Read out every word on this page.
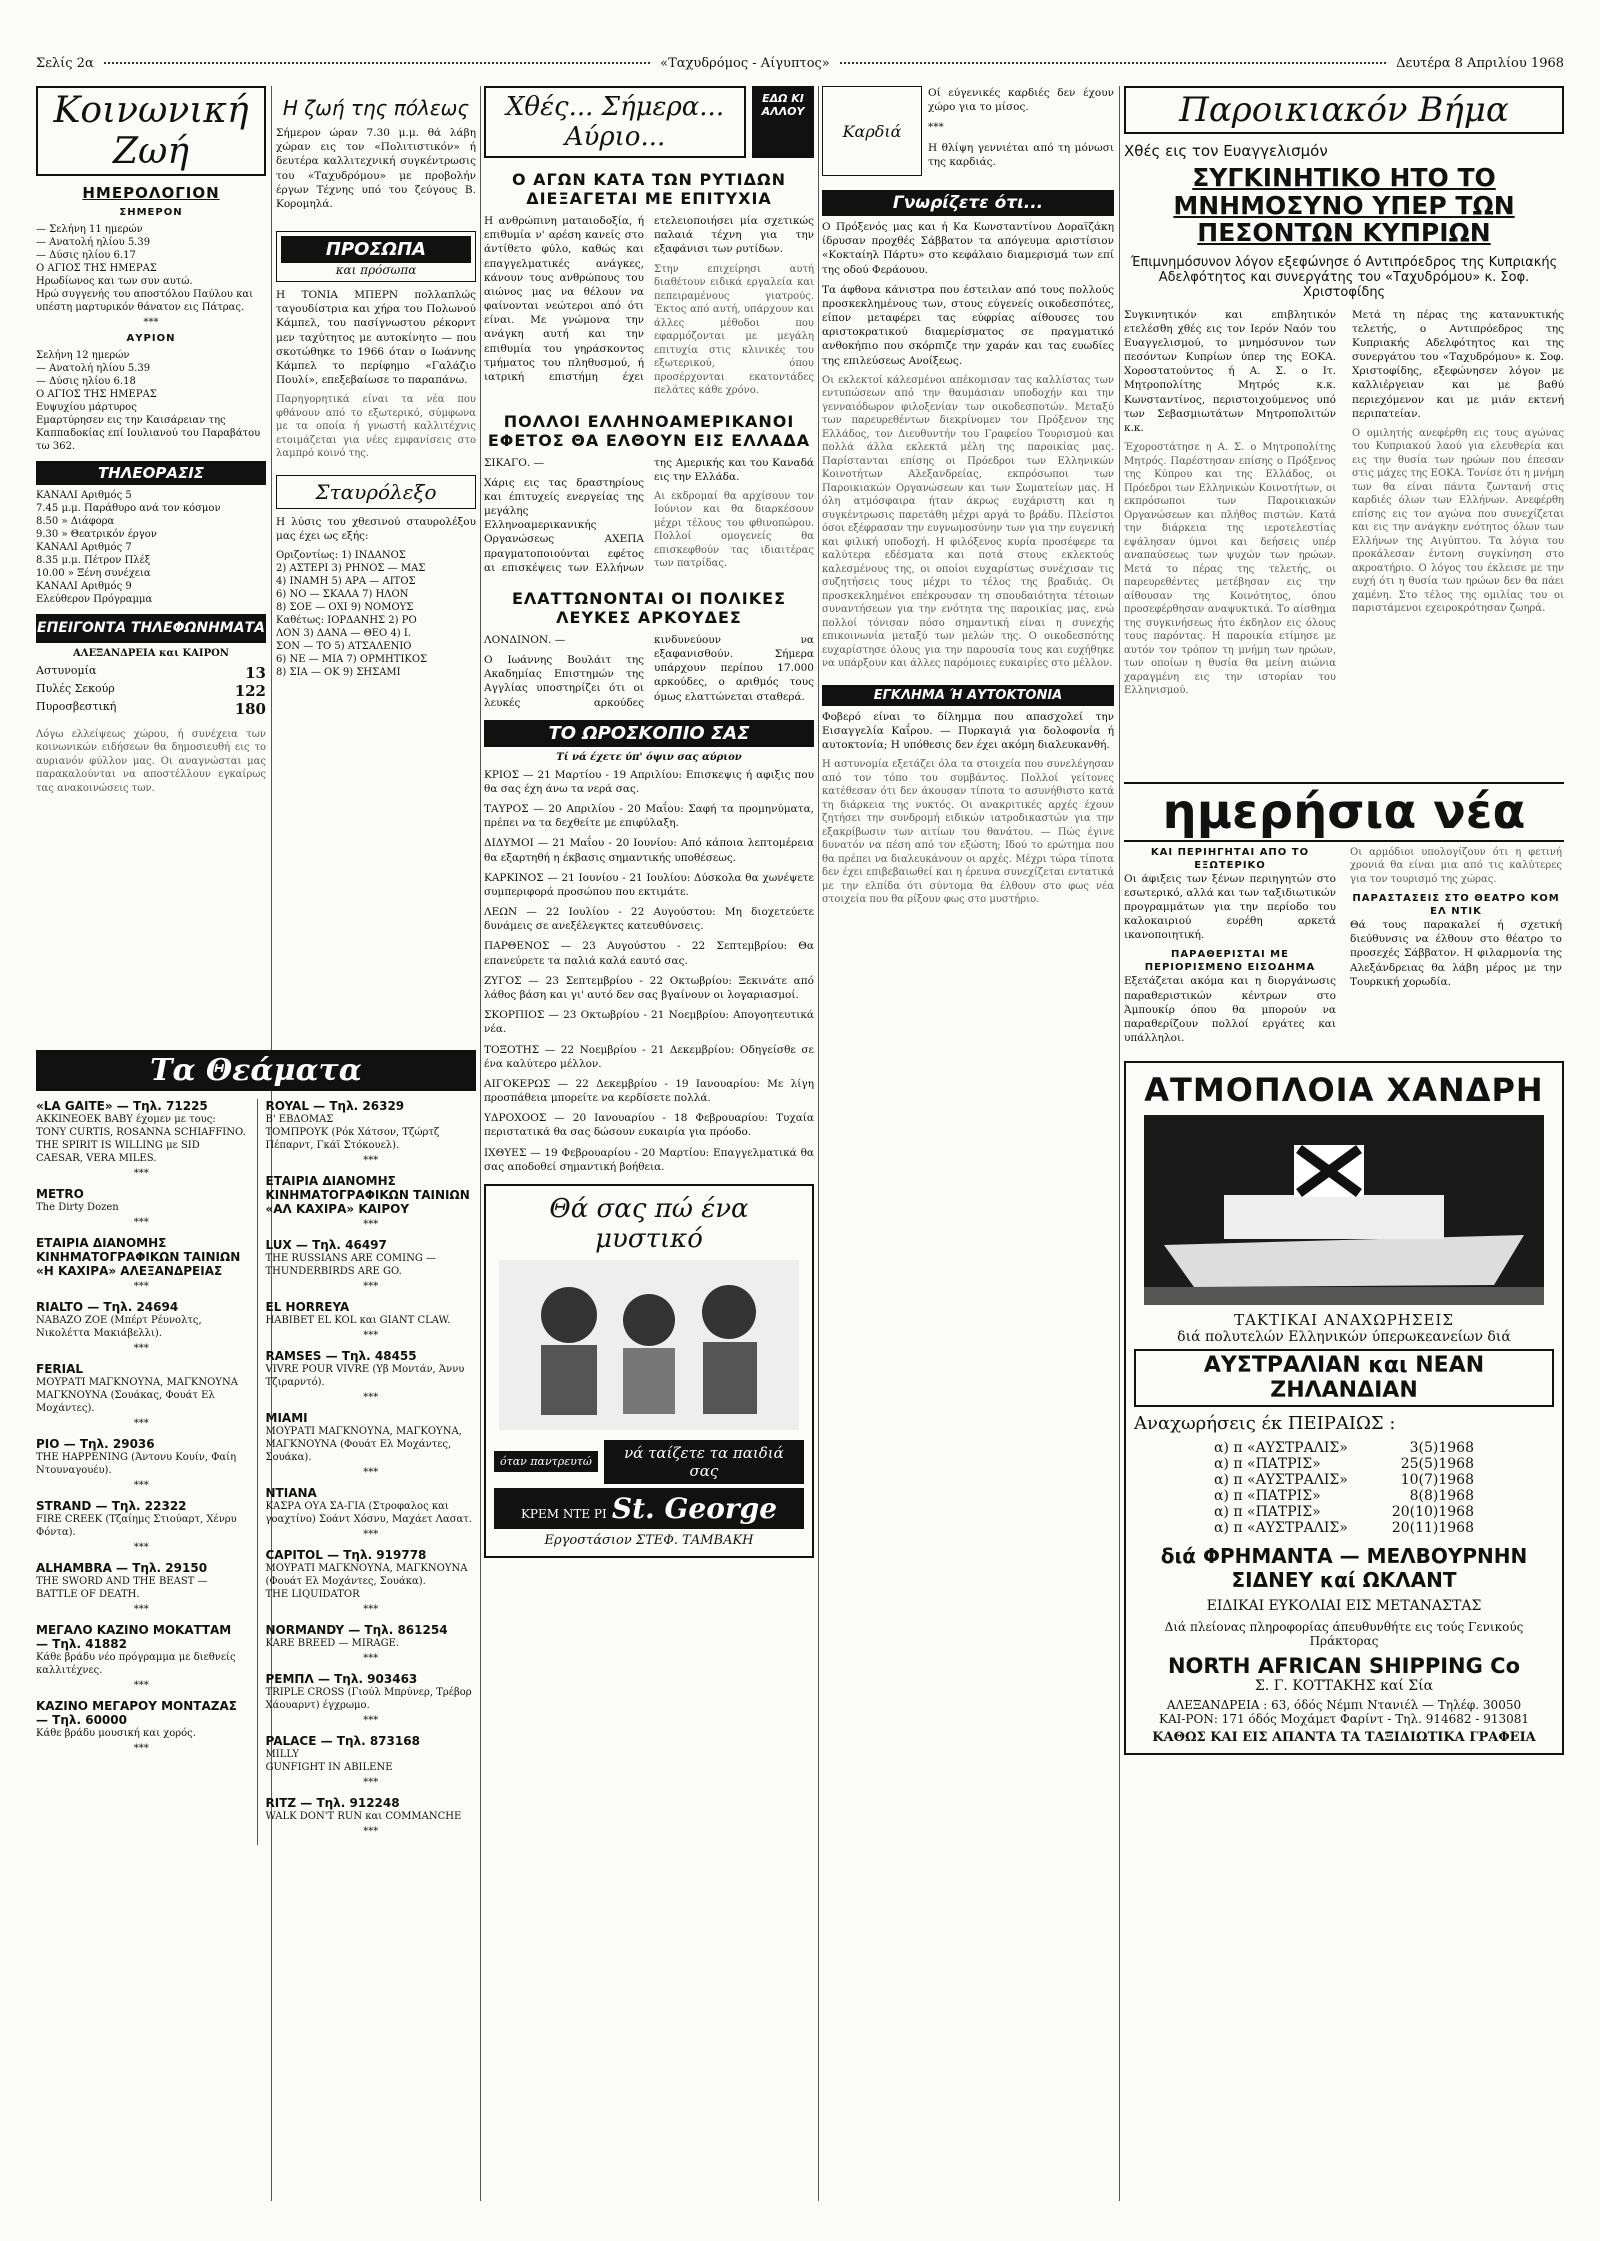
Σελίς 2α	«Ταχυδρόμος - Αίγυπτος»	Δευτέρα 8 Απριλίου 1968
Κοινωνική Ζωή
ΗΜΕΡΟΛΟΓΙΟΝ
ΣΗΜΕΡΟΝ
— Σελήνη 11 ημερών
— Ανατολή ηλίου 5.39
— Δύσις ηλίου 6.17
Ο ΑΓΙΟΣ ΤΗΣ ΗΜΕΡΑΣ
Ηρωδίωνος και των συν αυτώ.
Ηρώ συγγενής του αποστόλου Παύλου και υπέστη μαρτυρικόν θάνατον εις Πάτρας.
***
ΑΥΡΙΟΝ
Σελήνη 12 ημερών
— Ανατολή ηλίου 5.39
— Δύσις ηλίου 6.18
Ο ΑΓΙΟΣ ΤΗΣ ΗΜΕΡΑΣ
Ευψυχίου μάρτυρος
Εμαρτύρησεν εις την Καισάρειαν της Καππαδοκίας επί Ιουλιανού του Παραβάτου τω 362.
ΤΗΛΕΟΡΑΣΙΣ
ΚΑΝΑΛΙ Αριθμός 5
7.45 μ.μ. Παράθυρο ανά τον κόσμον
8.50 » Διάφορα
9.30 » Θεατρικόν έργον
ΚΑΝΑΛΙ Αριθμός 7
8.35 μ.μ. Πέτρον Πλέξ
10.00 » Ξένη συνέχεια
ΚΑΝΑΛΙ Αριθμός 9
Ελεύθερον Πρόγραμμα
ΕΠΕΙΓΟΝΤΑ ΤΗΛΕΦΩΝΗΜΑΤΑ
ΑΛΕΞΑΝΔΡΕΙΑ και ΚΑΙΡΟΝ
Αστυνομία	13
Πυλές Σεκούρ	122
Πυροσβεστική	180
Λόγω ελλείψεως χώρου, ή συνέχεια των κοινωνικών ειδήσεων θα δημοσιευθή εις το αυριανόν φύλλον μας. Οι αναγνώσται μας παρακαλούνται να αποστέλλουν εγκαίρως τας ανακοινώσεις των.
Η ζωή της πόλεως

Σήμερον ώραν 7.30 μ.μ. θά λάβη χώραν εις τον «Πολιτιστικόν» ή δευτέρα καλλιτεχνική συγκέντρωσις του «Ταχυδρόμου» με προβολήν έργων Τέχνης υπό του ζεύγους Β. Κορομηλά.

ΠΡΟΣΩΠΑ
και πρόσωπα

Η ΤΟΝΙΑ ΜΠΕΡΝ πολλαπλώς ταγουδίστρια και χήρα του Πολωνού Κάμπελ, του πασίγνωστου ρέκορντ μεν ταχύτητος με αυτοκίνητο — που σκοτώθηκε το 1966 όταν ο Ιωάννης Κάμπελ το περίφημο «Γαλάζιο Πουλί», επεξεβαίωσε το παραπάνω.

Παρηγορητικά είναι τα νέα που φθάνουν από το εξωτερικό, σύμφωνα με τα οποία ή γνωστή καλλιτέχνις ετοιμάζεται για νέες εμφανίσεις στο λαμπρό κοινό της.
Σταυρόλεξο

Η λύσις του χθεσινού σταυρολέξου μας έχει ως εξής:

Οριζοντίως: 1) ΙΝΔΑΝΟΣ
2) ΑΣΤΕΡΙ 3) ΡΗΝΟΣ — ΜΑΣ
4) ΙΝΑΜΗ 5) ΑΡΑ — ΑΙΤΟΣ
6) ΝΟ — ΣΚΑΛΑ 7) ΗΛΟΝ
8) ΣΟΕ — ΟΧΙ 9) ΝΟΜΟΥΣ
Καθέτως: ΙΟΡΔΑΝΗΣ 2) ΡΟ
ΛΟΝ 3) ΔΑΝΑ — ΘΕΟ 4) Ι.
ΣΟΝ — ΤΟ 5) ΑΤΣΑΛΕΝΙΟ
6) ΝΕ — ΜΙΑ 7) ΟΡΜΗΤΙΚΟΣ
8) ΣΙΑ — ΟΚ 9) ΣΗΣΑΜΙ
Τα Θεάματα
«LA GAITE» — Τηλ. 71225
ΑΚΚΙΝΕΟΕΚ ΒΑΒΥ έχομεν με τους: TONY CURTIS, ROSANNA SCHIAFFINO.
THE SPIRIT IS WILLING με SID CAESAR, VERA MILES.
***
METRO
The Dirty Dozen
***
ΕΤΑΙΡΙΑ ΔΙΑΝΟΜΗΣ ΚΙΝΗΜΑΤΟΓΡΑΦΙΚΩΝ ΤΑΙΝΙΩΝ «Η ΚΑΧΙΡΑ» ΑΛΕΞΑΝΔΡΕΙΑΣ
***
RIALTO — Τηλ. 24694
ΝΑΒΑΖΟ ΖΟΕ (Μπέρτ Ρέυνολτς, Νικολέττα Μακιάβελλι).
***
FERIAL
ΜΟΥΡΑΤΙ ΜΑΓΚΝΟΥΝΑ, ΜΑΓΚΝΟΥΝΑ ΜΑΓΚΝΟΥΝΑ (Σουάκας, Φουάτ Ελ Μοχάντες).
***
ΡΙΟ — Τηλ. 29036
THE HAPPENING (Άντονυ Κουίν, Φαίη Ντουναγουέυ).
***
STRAND — Τηλ. 22322
FIRE CREEK (Τζαίημς Στιούαρτ, Χένρυ Φόντα).
***
ALHAMBRA — Τηλ. 29150
THE SWORD AND THE BEAST — BATTLE OF DEATH.
***
ΜΕΓΑΛΟ ΚΑΖΙΝΟ ΜΟΚΑΤΤΑΜ — Τηλ. 41882
Κάθε βράδυ νέο πρόγραμμα με διεθνείς καλλιτέχνες.
***
ΚΑΖΙΝΟ ΜΕΓΑΡΟΥ ΜΟΝΤΑΖΑΣ — Τηλ. 60000
Κάθε βράδυ μουσική και χορός.
***
ROYAL — Τηλ. 26329
Β' ΕΒΔΟΜΑΣ
ΤΟΜΠΡΟΥΚ (Ρόκ Χάτσον, Τζώρτζ Πέπαρντ, Γκάϊ Στόκουελ).
***
ΕΤΑΙΡΙΑ ΔΙΑΝΟΜΗΣ ΚΙΝΗΜΑΤΟΓΡΑΦΙΚΩΝ ΤΑΙΝΙΩΝ «ΑΛ ΚΑΧΙΡΑ» ΚΑΙΡΟΥ
***
LUX — Τηλ. 46497
THE RUSSIANS ARE COMING — THUNDERBIRDS ARE GO.
***
EL HORREYA
HABIBET EL KOL και GIANT CLAW.
***
RAMSES — Τηλ. 48455
VIVRE POUR VIVRE (Υβ Μοντάν, Άννυ Τζιραρντό).
***
MIAMI
ΜΟΥΡΑΤΙ ΜΑΓΚΝΟΥΝΑ, ΜΑΓΚΟΥΝΑ, ΜΑΓΚΝΟΥΝΑ (Φουάτ Ελ Μοχάντες, Σουάκα).
***
ΝΤΙΑΝΑ
ΚΑΣΡΑ ΟΥΑ ΣΑ-ΓΙΑ (Στροφαλος και γοαχτίνο) Σοάντ Χόσνυ, Μαχάετ Λασατ.
***
CAPITOL — Τηλ. 919778
ΜΟΥΡΑΤΙ ΜΑΓΚΝΟΥΝΑ, ΜΑΓΚΝΟΥΝΑ (Φουάτ Ελ Μοχάντες, Σουάκα).
THE LIQUIDATOR
***
NORMANDY — Τηλ. 861254
KARE BREED — MIRAGE.
***
ΡΕΜΠΛ — Τηλ. 903463
TRIPLE CROSS (Γιούλ Μπρύνερ, Τρέβορ Χάουαρντ) έγχρωμο.
***
PALACE — Τηλ. 873168
MILLY
GUNFIGHT IN ABILENE
***
RITZ — Τηλ. 912248
WALK DON'T RUN και COMMANCHE
***
Χθές... Σήμερα... Αύριο...
ΕΔΩ ΚΙ ΑΛΛΟΥ
Ο ΑΓΩΝ ΚΑΤΑ ΤΩΝ ΡΥΤΙΔΩΝ
ΔΙΕΞΑΓΕΤΑΙ ΜΕ ΕΠΙΤΥΧΙΑ

Η ανθρώπινη ματαιοδοξία, ή επιθυμία ν' αρέση κανείς στο άντίθετο φύλο, καθώς και επαγγελματικές ανάγκες, κάνουν τους ανθρώπους του αιώνος μας να θέλουν να φαίνονται νεώτεροι από ότι είναι. Με γνώμονα την ανάγκη αυτή και την επιθυμία του γηράσκοντος τμήματος του πληθυσμού, ή ιατρική επιστήμη έχει ετελειοποιήσει μία σχετικώς παλαιά τέχνη για την εξαφάνισι των ρυτίδων.

Στην επιχείρησι αυτή διαθέτουν ειδικά εργαλεία και πεπειραμένους γιατρούς. Έκτος από αυτή, υπάρχουν και άλλες μέθοδοι που εφαρμόζονται με μεγάλη επιτυχία στις κλινικές του εξωτερικού, όπου προσέρχονται εκατοντάδες πελάτες κάθε χρόνο.
ΠΟΛΛΟΙ ΕΛΛΗΝΟΑΜΕΡΙΚΑΝΟΙ
ΕΦΕΤΟΣ ΘΑ ΕΛΘΟΥΝ ΕΙΣ ΕΛΛΑΔΑ

ΣΙΚΑΓΟ. —

Χάρις εις τας δραστηρίους και έπιτυχείς ενεργείας της μεγάλης Ελληνοαμερικανικής Οργανώσεως ΑΧΕΠΑ πραγματοποιούνται εφέτος αι επισκέψεις των Ελλήνων της Αμερικής και του Καναδά εις την Ελλάδα.

Αι εκδρομαί θα αρχίσουν τον Ιούνιον και θα διαρκέσουν μέχρι τέλους του φθινοπώρου. Πολλοί ομογενείς θα επισκεφθούν τας ιδιαιτέρας των πατρίδας.
ΕΛΑΤΤΩΝΟΝΤΑΙ ΟΙ ΠΟΛΙΚΕΣ
ΛΕΥΚΕΣ ΑΡΚΟΥΔΕΣ

ΛΟΝΔΙΝΟΝ. —

Ο Ιωάννης Βουλάιτ της Ακαδημίας Επιστημών της Αγγλίας υποστηρίζει ότι οι λευκές αρκούδες κινδυνεύουν να εξαφανισθούν. Σήμερα υπάρχουν περίπου 17.000 αρκούδες, ο αριθμός τους όμως ελαττώνεται σταθερά.

ΤΟ ΩΡΟΣΚΟΠΙΟ ΣΑΣ
Τί νά έχετε ύπ' όψιν σας αύριον
ΚΡΙΟΣ — 21 Μαρτίου - 19 Απριλίου: Επισκεψις ή αφιξις που θα σας έχη άνω τα νερά σας.
ΤΑΥΡΟΣ — 20 Απριλίου - 20 Μαΐου: Σαφή τα προμηνύματα, πρέπει να τα δεχθείτε με επιφύλαξη.
ΔΙΔΥΜΟΙ — 21 Μαΐου - 20 Ιουνίου: Από κάποια λεπτομέρεια θα εξαρτηθή η έκβασις σημαντικής υποθέσεως.
ΚΑΡΚΙΝΟΣ — 21 Ιουνίου - 21 Ιουλίου: Δύσκολα θα χωνέψετε συμπεριφορά προσώπου που εκτιμάτε.
ΛΕΩΝ — 22 Ιουλίου - 22 Αυγούστου: Μη διοχετεύετε δυνάμεις σε ανεξέλεγκτες κατευθύνσεις.
ΠΑΡΘΕΝΟΣ — 23 Αυγούστου - 22 Σεπτεμβρίου: Θα επανεύρετε τα παλιά καλά εαυτό σας.
ΖΥΓΟΣ — 23 Σεπτεμβρίου - 22 Οκτωβρίου: Ξεκινάτε από λάθος βάση και γι' αυτό δεν σας βγαίνουν οι λογαριασμοί.
ΣΚΟΡΠΙΟΣ — 23 Οκτωβρίου - 21 Νοεμβρίου: Απογοητευτικά νέα.
ΤΟΞΟΤΗΣ — 22 Νοεμβρίου - 21 Δεκεμβρίου: Οδηγείσθε σε ένα καλύτερο μέλλον.
ΑΙΓΟΚΕΡΩΣ — 22 Δεκεμβρίου - 19 Ιανουαρίου: Με λίγη προσπάθεια μπορείτε να κερδίσετε πολλά.
ΥΔΡΟΧΟΟΣ — 20 Ιανουαρίου - 18 Φεβρουαρίου: Τυχαία περιστατικά θα σας δώσουν ευκαιρία για πρόοδο.
ΙΧΘΥΕΣ — 19 Φεβρουαρίου - 20 Μαρτίου: Επαγγελματικά θα σας αποδοθεί σημαντική βοήθεια.
Θά σας πώ ένα μυστικό
όταν παντρευτώ	νά ταίζετε τα παιδιά σας
ΚΡΕΜ ΝΤΕ ΡΙ St. George
Εργοστάσιον ΣΤΕΦ. ΤΑΜΒΑΚΗ
Καρδιά
Οί εύγενικές καρδιές δεν έχουν χώρο για το μίσος.
***
Η θλίψη γεννιέται από τη μόνωσι της καρδιάς.
Γνωρίζετε ότι...

Ο Πρόξενός μας και ή Κα Κωνσταντίνου Δοραϊζάκη ίδρυσαν προχθές Σάββατον τα απόγευμα αριστίσιον «Κοκταίηλ Πάρτυ» στο κεφάλαιο διαμερισμά των επί της οδού Φεράουου.

Τα άφθονα κάνιστρα που έστειλαν από τους πολλούς προσκεκλημένους των, στους εύγενείς οικοδεσπότες, είπον μεταφέρει τας εύφρίας αίθουσες του αριστοκρατικού διαμερίσματος σε πραγματικό ανθοκήπιο που σκόρπιζε την χαράν και τας ευωδίες της επιλεύσεως Ανοίξεως.

Οι εκλεκτοί κάλεσμένοι απέκομισαν τας καλλίστας των εντυπώσεων από την θαυμάσιαν υποδοχήν και την γενναιόδωρον φιλοξενίαν των οικοδεσποτών. Μεταξύ των παρευρεθέντων διεκρίνομεν τον Πρόξενον της Ελλάδος, τον Διευθυντήν του Γραφείου Τουρισμού και πολλά άλλα εκλεκτά μέλη της παροικίας μας. Παρίστανται επίσης οι Πρόεδροι των Ελληνικών Κοινοτήτων Αλεξανδρείας, εκπρόσωποι των Παροικιακών Οργανώσεων και των Σωματείων μας. Η όλη ατμόσφαιρα ήταν άκρως ευχάριστη και η συγκέντρωσις παρετάθη μέχρι αργά το βράδυ. Πλείστοι όσοι εξέφρασαν την ευγνωμοσύνην των για την ευγενική και φιλική υποδοχή. Η φιλόξενος κυρία προσέφερε τα καλύτερα εδέσματα και ποτά στους εκλεκτούς καλεσμένους της, οι οποίοι ευχαρίστως συνέχισαν τις συζητήσεις τους μέχρι το τέλος της βραδιάς. Οι προσκεκλημένοι επέκρουσαν τη σπουδαιότητα τέτοιων συναντήσεων για την ενότητα της παροικίας μας, ενώ πολλοί τόνισαν πόσο σημαντική είναι η συνεχής επικοινωνία μεταξύ των μελών της. Ο οικοδεσπότης ευχαρίστησε όλους για την παρουσία τους και ευχήθηκε να υπάρξουν και άλλες παρόμοιες ευκαιρίες στο μέλλον.
ΕΓΚΛΗΜΑ Ή ΑΥΤΟΚΤΟΝΙΑ

Φοβερό είναι το δίλημμα που απασχολεί την Εισαγγελία Καΐρου. — Πυρκαγιά για δολοφονία ή αυτοκτονία; Η υπόθεσις δεν έχει ακόμη διαλευκανθή.

Η αστυνομία εξετάζει όλα τα στοιχεία που συνελέγησαν από τον τόπο του συμβάντος. Πολλοί γείτονες κατέθεσαν ότι δεν άκουσαν τίποτα το ασυνήθιστο κατά τη διάρκεια της νυκτός. Οι ανακριτικές αρχές έχουν ζητήσει την συνδρομή ειδικών ιατροδικαστών για την εξακρίβωσιν των αιτίων του θανάτου. — Πώς έγινε δυνατόν να πέση από τον εξώστη; Ιδού το ερώτημα που θα πρέπει να διαλευκάνουν οι αρχές. Μέχρι τώρα τίποτα δεν έχει επιβεβαιωθεί και η έρευνα συνεχίζεται εντατικά με την ελπίδα ότι σύντομα θα έλθουν στο φως νέα στοιχεία που θα ρίξουν φως στο μυστήριο.
Παροικιακόν Βήμα
Χθές εις τον Ευαγγελισμόν
ΣΥΓΚΙΝΗΤΙΚΟ ΗΤΟ ΤΟ ΜΝΗΜΟΣΥΝΟ ΥΠΕΡ ΤΩΝ ΠΕΣΟΝΤΩΝ ΚΥΠΡΙΩΝ
Έπιμνημόσυνον λόγον εξεφώνησε ό Αντιπρόεδρος της Κυπριακής Αδελφότητος και συνεργάτης του «Ταχυδρόμου» κ. Σοφ. Χριστοφίδης

Συγκινητικόν και επιβλητικόν ετελέσθη χθές εις τον Ιερόν Ναόν του Ευαγγελισμού, το μνημόσυνον των πεσόντων Κυπρίων ύπερ της ΕΟΚΑ. Χοροστατούντος ή Α. Σ. ο Ιτ. Μητροπολίτης Μητρός κ.κ. Κωνσταντίνος, περιστοιχούμενος υπό των Σεβασμιωτάτων Μητροπολιτών κ.κ.

Έχοροστάτησε η Α. Σ. ο Μητροπολίτης Μητρός. Παρέστησαν επίσης ο Πρόξενος της Κύπρου και της Ελλάδος, οι Πρόεδροι των Ελληνικών Κοινοτήτων, οι εκπρόσωποι των Παροικιακών Οργανώσεων και πλήθος πιστών. Κατά την διάρκεια της ιεροτελεστίας εψάλησαν ύμνοι και δεήσεις υπέρ αναπαύσεως των ψυχών των ηρώων. Μετά το πέρας της τελετής, οι παρευρεθέντες μετέβησαν εις την αίθουσαν της Κοινότητος, όπου προσεφέρθησαν αναψυκτικά. Το αίσθημα της συγκινήσεως ήτο έκδηλον εις όλους τους παρόντας. Η παροικία ετίμησε με αυτόν τον τρόπον τη μνήμη των ηρώων, των οποίων η θυσία θα μείνη αιώνια χαραγμένη εις την ιστορίαν του Ελληνισμού.

Μετά τη πέρας της κατανυκτικής τελετής, ο Αντιπρόεδρος της Κυπριακής Αδελφότητος και της συνεργάτου του «Ταχυδρόμου» κ. Σοφ. Χριστοφίδης, εξεφώνησεν λόγον με καλλιέργειαν και με βαθύ περιεχόμενον και με μιάν εκτενή περιπατείαν.

Ο ομιλητής ανεφέρθη εις τους αγώνας του Κυπριακού λαού για ελευθερία και εις την θυσία των ηρώων που έπεσαν στις μάχες της ΕΟΚΑ. Τονίσε ότι η μνήμη των θα είναι πάντα ζωντανή στις καρδιές όλων των Ελλήνων. Ανεφέρθη επίσης εις τον αγώνα που συνεχίζεται και εις την ανάγκην ενότητος όλων των Ελλήνων της Αιγύπτου. Τα λόγια του προκάλεσαν έντονη συγκίνηση στο ακροατήριο. Ο λόγος του έκλεισε με την ευχή ότι η θυσία των ηρώων δεν θα πάει χαμένη. Στο τέλος της ομιλίας του οι παριστάμενοι εχειροκρότησαν ζωηρά.
ημερήσια νέα
ΚΑΙ ΠΕΡΙΗΓΗΤΑΙ ΑΠΟ ΤΟ ΕΞΩΤΕΡΙΚΟ

Οι άφιξεις των ξένων περιηγητών στο εσωτερικό, αλλά και των ταξιδιωτικών προγραμμάτων για την περίοδο του καλοκαιριού ευρέθη αρκετά ικανοποιητική.

ΠΑΡΑΘΕΡΙΣΤΑΙ ΜΕ ΠΕΡΙΟΡΙΣΜΕΝΟ ΕΙΣΟΔΗΜΑ

Εξετάζεται ακόμα και η διοργάνωσις παραθεριστικών κέντρων στο Άμπουκίρ όπου θα μπορούν να παραθερίζουν πολλοί εργάτες και υπάλληλοι.

Οι αρμόδιοι υπολογίζουν ότι η φετινή χρονιά θα είναι μια από τις καλύτερες για τον τουρισμό της χώρας.
ΠΑΡΑΣΤΑΣΕΙΣ ΣΤΟ ΘΕΑΤΡΟ ΚΟΜ ΕΛ ΝΤΙΚ

Θά τους παρακαλεί ή σχετική διεύθυνσις να έλθουν στο θέατρο το προσεχές Σάββατον. Η φιλαρμονία της Αλεξάνδρειας θα λάβη μέρος με την Τουρκική χορωδία.

ΑΤΜΟΠΛΟΙΑ ΧΑΝΔΡΗ
ΤΑΚΤΙΚΑΙ ΑΝΑΧΩΡΗΣΕΙΣ
διά πολυτελών Ελληνικών ύπερωκεανείων διά
ΑΥΣΤΡΑΛΙΑΝ και ΝΕΑΝ ΖΗΛΑΝΔΙΑΝ
Αναχωρήσεις έκ ΠΕΙΡΑΙΩΣ :
α) π «ΑΥΣΤΡΑΛΙΣ»	3(5)1968
α) π «ΠΑΤΡΙΣ»	25(5)1968
α) π «ΑΥΣΤΡΑΛΙΣ»	10(7)1968
α) π «ΠΑΤΡΙΣ»	8(8)1968
α) π «ΠΑΤΡΙΣ»	20(10)1968
α) π «ΑΥΣΤΡΑΛΙΣ»	20(11)1968
διά ΦΡΗΜΑΝΤΑ — ΜΕΛΒΟΥΡΝΗΝ
ΣΙΔΝΕΥ καί ΩΚΛΑΝΤ
ΕΙΔΙΚΑΙ ΕΥΚΟΛΙΑΙ ΕΙΣ ΜΕΤΑΝΑΣΤΑΣ
Διά πλείονας πληροφορίας άπευθυνθήτε εις τούς Γενικούς Πράκτορας
NORTH AFRICAN SHIPPING Co
Σ. Γ. ΚΟΤΤΑΚΗΣ καί Σία
ΑΛΕΞΑΝΔΡΕΙΑ : 63, όδός Νέμπι Ντανιέλ — Τηλέφ. 30050
ΚΑΙ-ΡΟΝ: 171 όδός Μοχάμετ Φαρίντ - Τηλ. 914682 - 913081
ΚΑΘΩΣ ΚΑΙ ΕΙΣ ΑΠΑΝΤΑ ΤΑ ΤΑΞΙΔΙΩΤΙΚΑ ΓΡΑΦΕΙΑ
